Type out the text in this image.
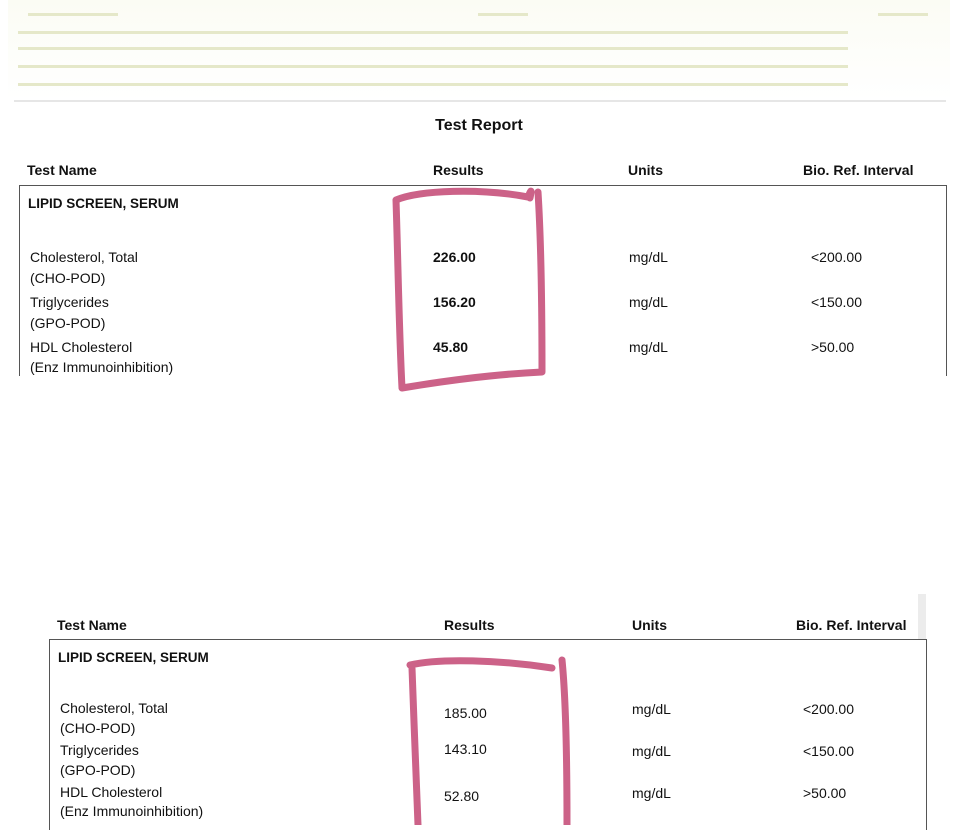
▬▬▬▬▬▬▬▬▬	▬▬▬▬▬	▬▬▬▬▬
▬▬▬▬▬▬▬▬▬▬▬▬▬▬▬▬▬▬▬▬▬▬▬▬▬▬▬▬▬▬▬▬▬▬▬▬▬▬▬▬▬▬▬▬▬▬▬▬▬▬▬▬▬▬▬▬▬▬▬▬▬▬▬▬▬▬▬▬▬▬▬▬▬▬▬▬▬▬▬▬▬▬▬
▬▬▬▬▬▬▬▬▬▬▬▬▬▬▬▬▬▬▬▬▬▬▬▬▬▬▬▬▬▬▬▬▬▬▬▬▬▬▬▬▬▬▬▬▬▬▬▬▬▬▬▬▬▬▬▬▬▬▬▬▬▬▬▬▬▬▬▬▬▬▬▬▬▬▬▬▬▬▬▬▬▬▬
▬▬▬▬▬▬▬▬▬▬▬▬▬▬▬▬▬▬▬▬▬▬▬▬▬▬▬▬▬▬▬▬▬▬▬▬▬▬▬▬▬▬▬▬▬▬▬▬▬▬▬▬▬▬▬▬▬▬▬▬▬▬▬▬▬▬▬▬▬▬▬▬▬▬▬▬▬▬▬▬▬▬▬
▬▬▬▬▬▬▬▬▬▬▬▬▬▬▬▬▬▬▬▬▬▬▬▬▬▬▬▬▬▬▬▬▬▬▬▬▬▬▬▬▬▬▬▬▬▬▬▬▬▬▬▬▬▬▬▬▬▬▬▬▬▬▬▬▬▬▬▬▬▬▬▬▬▬▬▬▬▬▬▬▬▬▬
Test Report
Test Name	Results	Units	Bio. Ref. Interval
LIPID SCREEN, SERUM
Cholesterol, Total
(CHO-POD)
226.00	mg/dL	<200.00
Triglycerides
(GPO-POD)
156.20	mg/dL	<150.00
HDL Cholesterol
(Enz Immunoinhibition)
45.80	mg/dL	>50.00
Test Name	Results	Units	Bio. Ref. Interval
LIPID SCREEN, SERUM
Cholesterol, Total
(CHO-POD)
185.00	mg/dL	<200.00
Triglycerides
(GPO-POD)
143.10	mg/dL	<150.00
HDL Cholesterol
(Enz Immunoinhibition)
52.80	mg/dL	>50.00
